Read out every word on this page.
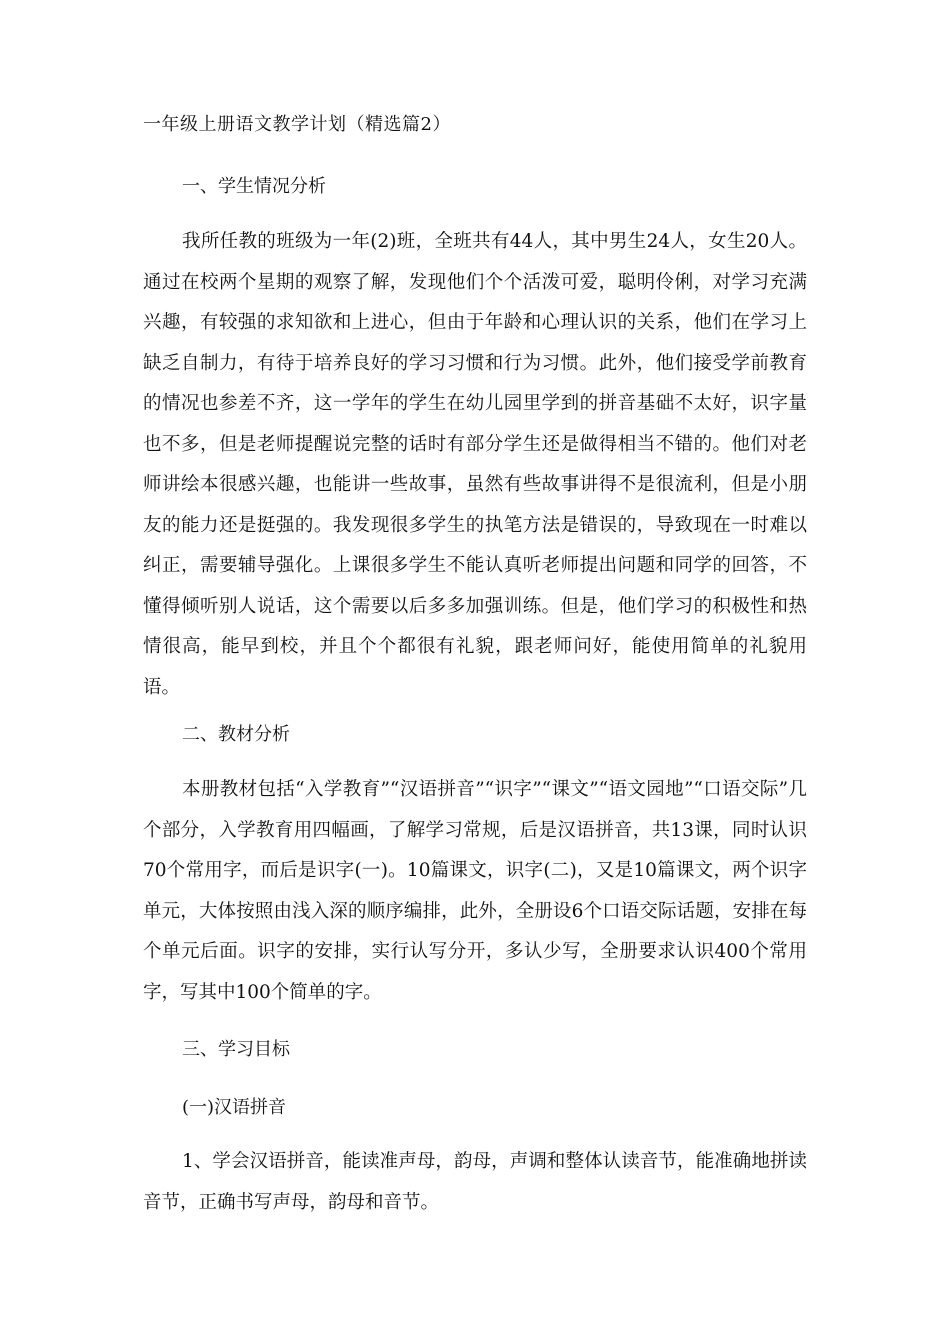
一年级上册语文教学计划（精选篇2）
一、学生情况分析

我所任教的班级为一年(2)班，全班共有44人，其中男生24人，女生20人。通过在校两个星期的观察了解，发现他们个个活泼可爱，聪明伶俐，对学习充满兴趣，有较强的求知欲和上进心，但由于年龄和心理认识的关系，他们在学习上缺乏自制力，有待于培养良好的学习习惯和行为习惯。此外，他们接受学前教育的情况也参差不齐，这一学年的学生在幼儿园里学到的拼音基础不太好，识字量也不多，但是老师提醒说完整的话时有部分学生还是做得相当不错的。他们对老师讲绘本很感兴趣，也能讲一些故事，虽然有些故事讲得不是很流利，但是小朋友的能力还是挺强的。我发现很多学生的执笔方法是错误的，导致现在一时难以纠正，需要辅导强化。上课很多学生不能认真听老师提出问题和同学的回答，不懂得倾听别人说话，这个需要以后多多加强训练。但是，他们学习的积极性和热情很高，能早到校，并且个个都很有礼貌，跟老师问好，能使用简单的礼貌用语。

二、教材分析

本册教材包括“入学教育”“汉语拼音”“识字”“课文”“语文园地”“口语交际”几个部分，入学教育用四幅画，了解学习常规，后是汉语拼音，共13课，同时认识70个常用字，而后是识字(一)。10篇课文，识字(二)，又是10篇课文，两个识字单元，大体按照由浅入深的顺序编排，此外，全册设6个口语交际话题，安排在每个单元后面。识字的安排，实行认写分开，多认少写，全册要求认识400个常用字，写其中100个简单的字。

三、学习目标
(一)汉语拼音

1、学会汉语拼音，能读准声母，韵母，声调和整体认读音节，能准确地拼读音节，正确书写声母，韵母和音节。
